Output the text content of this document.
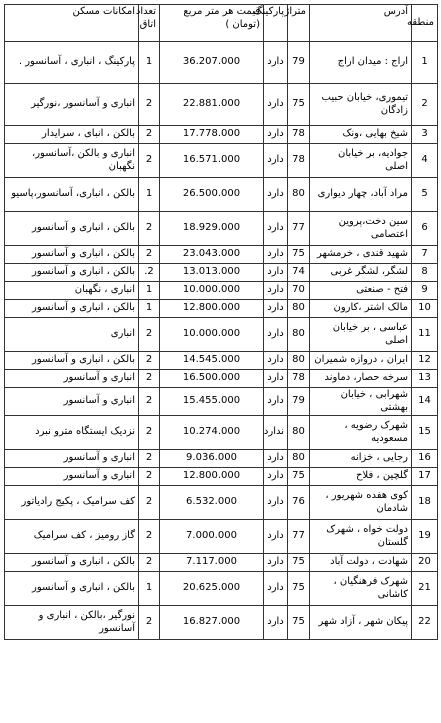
منطقه	آدرس	متراژ	پارکینگ	قیمت هر متر مربع (تومان )	تعداد اتاق	امکانات مسکن
1	اراج : میدان اراج	79	دارد	36.207.000	1	پارکینگ ، انباری ، آسانسور .
2	تیموری، خیابان حبیب زادگان	75	دارد	22.881.000	2	انباری و آسانسور ،نورگیر
3	شیخ بهایی ،ونک	78	دارد	17.778.000	2	بالکن ، انبای ، سرایدار
4	جوادیه، بر خیابان اصلی	78	دارد	16.571.000	2	انباری و بالکن ،آسانسور، نگهبان
5	مراد آباد، چهار دیواری	80	دارد	26.500.000	1	بالکن ، انباری، آسانسور،پاسیو
6	سین دخت،پروین اعتصامی	77	دارد	18.929.000	2	بالکن ، انباری و آسانسور
7	شهید قندی ، خرمشهر	75	دارد	23.043.000	2	بالکن ، انباری و آسانسور
8	لشگر، لشگر غربی	74	دارد	13.013.000	2.	بالکن ، انباری و آسانسور
9	فتح - صنعتی	70	دارد	10.000.000	1	انباری ، نگهبان
10	مالک اشتر ،کارون	80	دارد	12.800.000	1	بالکن ، انباری و آسانسور
11	عباسی ، بر خیابان اصلی	80	دارد	10.000.000	2	انباری
12	ایران ، دروازه شمیران	80	دارد	14.545.000	2	بالکن ، انباری و آسانسور
13	سرخه حصار، دماوند	78	دارد	16.500.000	2	انباری و آسانسور
14	شهرابی ، خیابان بهشتی	79	دارد	15.455.000	2	انباری و آسانسور
15	شهرک رضویه ، مسعودیه	80	ندارد	10.274.000	2	نزدیک ایستگاه مترو نبرد
16	رجایی ، خزانه	80	دارد	9.036.000	2	انباری و آسانسور
17	گلچین ، فلاح	75	دارد	12.800.000	2	انباری و آسانسور
18	کوی هفده شهریور ، شادمان	76	دارد	6.532.000	2	کف سرامیک ، پکیج رادیاتور
19	دولت خواه ، شهرک گلستان	77	دارد	7.000.000	2	گاز رومیز ، کف سرامیک
20	شهادت ، دولت آباد	75	دارد	7.117.000	2	بالکن ، انباری و آسانسور
21	شهرک فرهنگیان ، کاشانی	75	دارد	20.625.000	1	بالکن ، انباری و آسانسور
22	پیکان شهر ، آزاد شهر	75	دارد	16.827.000	2	نورگیر ،بالکن ، انباری و آسانسور
